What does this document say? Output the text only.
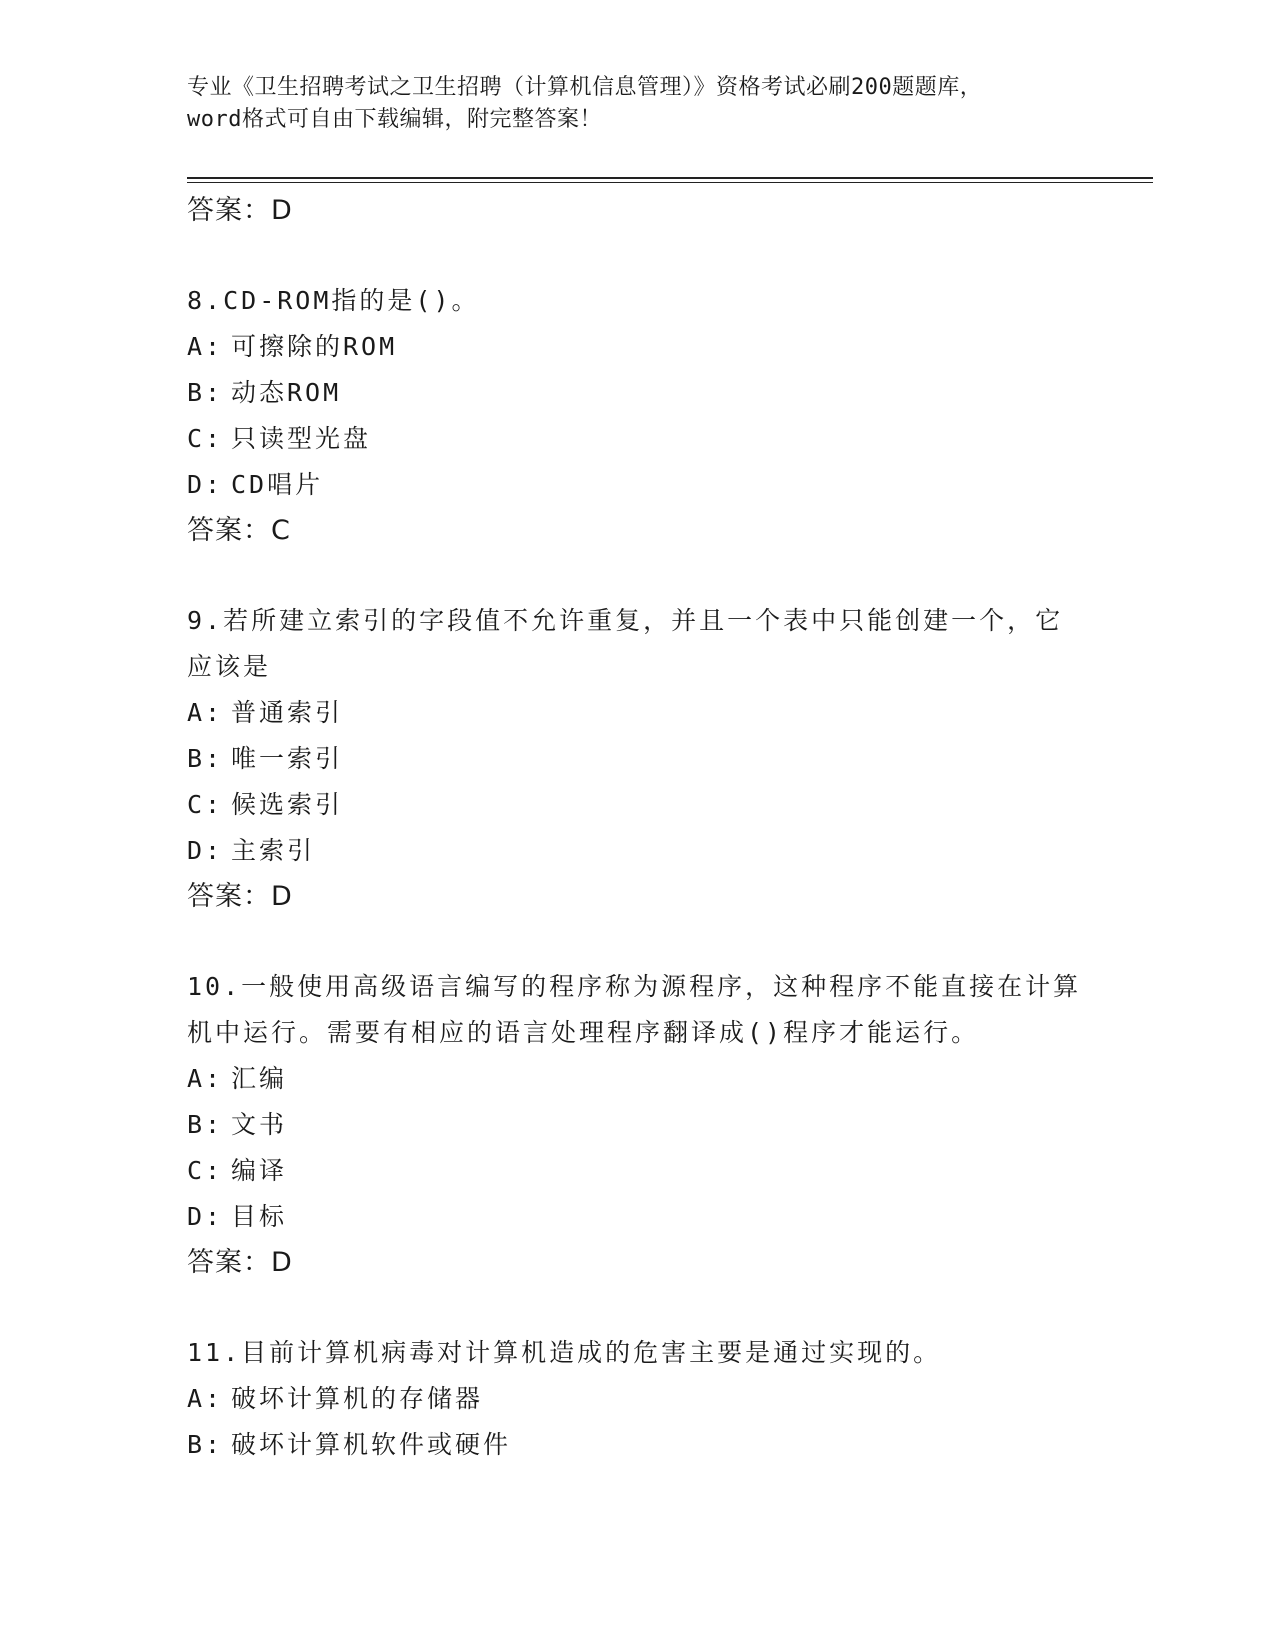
专业《卫生招聘考试之卫生招聘（计算机信息管理）》资格考试必刷200题题库，
word格式可自由下载编辑，附完整答案！
答案：D
8.CD-ROM指的是()。
A: 可擦除的ROM
B: 动态ROM
C: 只读型光盘
D: CD唱片
答案：C
9.若所建立索引的字段值不允许重复，并且一个表中只能创建一个，它应该是
A: 普通索引
B: 唯一索引
C: 候选索引
D: 主索引
答案：D
10.一般使用高级语言编写的程序称为源程序，这种程序不能直接在计算机中运行。需要有相应的语言处理程序翻译成()程序才能运行。
A: 汇编
B: 文书
C: 编译
D: 目标
答案：D
11.目前计算机病毒对计算机造成的危害主要是通过实现的。
A: 破坏计算机的存储器
B: 破坏计算机软件或硬件
